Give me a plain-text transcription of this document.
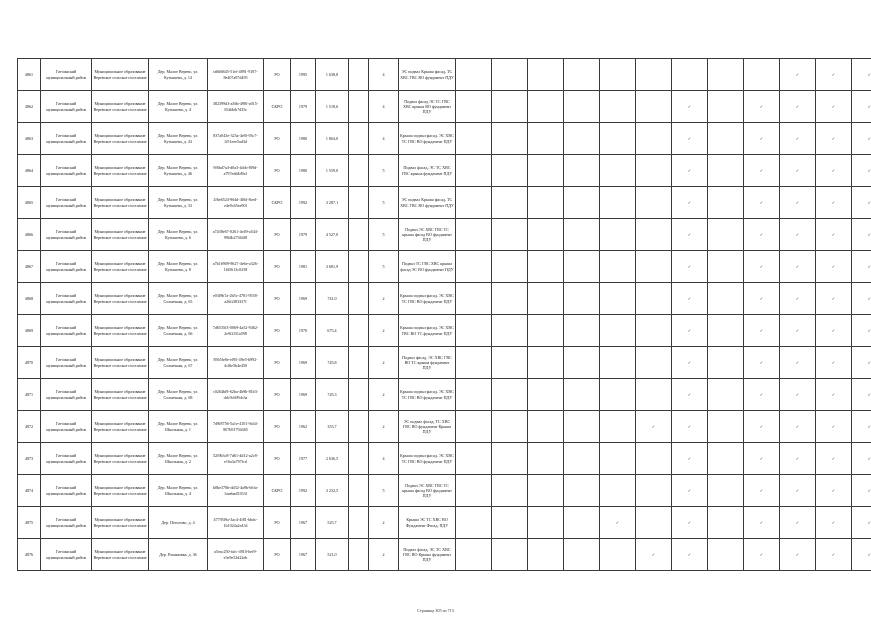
4861	Гатчинский муниципальный район	Муниципальное образование Веревское сельское поселение	Дер. Малое Верево, ул. Кутышева, д. 14	fa8d6845-51ef-4891-9187-8e407a97d495	РО	1995	1 638,8		4	ЭС подвал Крыша фасад, ТС ХВС ГВС ВО фундамент ПДУ										✓	✓	✓
4862	Гатчинский муниципальный район	Муниципальное образование Веревское сельское поселение	Дер. Малое Верево, ул. Кутышева, д. 4	382399d3-a36b-498f-a015-354fdeb7d35c	СКРО	1979	1 518,6		4	Подвал фасад ЭС ТС ГВС ХВС крыша ВО фундамент ПДУ							✓		✓	✓	✓	✓
4863	Гатчинский муниципальный район	Муниципальное образование Веревское сельское поселение	Дер. Малое Верево, ул. Кутышева, д. 43	837a043e-325a-4e8f-93c7-1f51eee5ad3d	РО	1980	1 864,0		4	Крыша подвал фасад, ЭС ХВС ТС ГВС ВО фундамент ПДУ							✓		✓	✓	✓	✓
4864	Гатчинский муниципальный район	Муниципальное образование Веревское сельское поселение	Дер. Малое Верево, ул. Кутышева, д. 46	9f6bd7a4-d0a3-4dcb-8f9d-a797edd4d9a1	РО	1980	1 559,0		5	Подвал фасад, ЭС ТС ХВС ГВС крыша фундамент ПДУ							✓		✓	✓	✓	✓
4865	Гатчинский муниципальный район	Муниципальное образование Веревское сельское поселение	Дер. Малое Верево, ул. Кутышева, д. 33	2f6e6524-964d-4f0d-8ced-e4e9c65ee90f	СКРО	1992	3 287,1		5	ЭС подвал Крыша фасад, ТС ХВС ГВС ВО фундамент ПДУ							✓		✓	✓	✓	✓
4866	Гатчинский муниципальный район	Муниципальное образование Веревское сельское поселение	Дер. Малое Верево, ул. Кутышева, д. 6	a7438e67-0261-4e49-a544-99fdb27364f8	РО	1979	4 527,0		5	Подвал ЭС ХВС ГВС ТС крыша фасад ВО фундамент ПДУ							✓		✓	✓	✓	✓
4867	Гатчинский муниципальный район	Муниципальное образование Веревское сельское поселение	Дер. Малое Верево, ул. Кутышева, д. 8	a7b16909-9627-4e6e-a326-16f5613c0258	РО	1981	3 681,9		5	Подвал ТС ГВС ХВС крыша фасад ЭС ВО фундамент ПДУ							✓		✓	✓	✓	✓
4868	Гатчинский муниципальный район	Муниципальное образование Веревское сельское поселение	Дер. Малое Верево, ул. Солнечная, д. 65	e03f9b7a-2b5c-4781-9538-a26f2f83337f	РО	1969	741,0		2	Крыша подвал фасад, ЭС ХВС ТС ГВС ВО фундамент ПДУ							✓		✓	✓	✓	✓
4869	Гатчинский муниципальный район	Муниципальное образование Веревское сельское поселение	Дер. Малое Верево, ул. Солнечная, д. 66	7d6535f3-0069-4a52-9462-2e9f2f31a598	РО	1970	675,4		2	Крыша подвал фасад, ЭС ХВС ГВС ВО ТС фундамент ПДУ							✓		✓	✓	✓	✓
4870	Гатчинский муниципальный район	Муниципальное образование Веревское сельское поселение	Дер. Малое Верево, ул. Солнечная, д. 67	8565fe8e-ef95-49e5-b992-4cf6e5b4e450	РО	1969	745,8		2	Подвал фасад, ЭС ХВС ГВС ВО ТС крыша фундамент ПДУ							✓		✓	✓	✓	✓
4871	Гатчинский муниципальный район	Муниципальное образование Веревское сельское поселение	Дер. Малое Верево, ул. Солнечная, д. 68	c0264bf9-62ba-4b9b-81b3-ddc9cb99cb3a	РО	1969	745,3		2	Крыша подвал фасад, ЭС ХВС ТС ГВС ВО фундамент ПДУ							✓		✓	✓	✓	✓
4872	Гатчинский муниципальный район	Муниципальное образование Веревское сельское поселение	Дер. Малое Верево, ул. Школьная, д. 1	7d9f8756-5a1e-4101-9a34-807b91794465	РО	1962	353,7		2	ЭС подвал фасад, ТС ХВС ГВС ВО фундамент Крыша ПДУ						✓	✓		✓	✓	✓	✓
4873	Гатчинский муниципальный район	Муниципальное образование Веревское сельское поселение	Дер. Малое Верево, ул. Школьная, д. 2	52f9b3c8-7d61-4d12-a2c8-e16a3a797fcd	РО	1977	2 636,5		4	Крыша подвал фасад, ЭС ХВС ТС ГВС ВО фундамент ПДУ							✓		✓	✓	✓	✓
4874	Гатчинский муниципальный район	Муниципальное образование Веревское сельское поселение	Дер. Малое Верево, ул. Школьная, д. 4	b0be370b-dd32-4a9b-b6fa-1aaebad5353f	СКРО	1992	3 252,5		5	Подвал ЭС ХВС ГВС ТС крыша фасад ВО фундамент ПДУ							✓		✓	✓	✓	✓
4875	Гатчинский муниципальный район	Муниципальное образование Веревское сельское поселение	Дер. Пеголово, д. 4	47795f9a-3ac4-4f81-bbdc-1b1024a2e434	РО	1967	525,7		2	Крыша ЭС ТС ХВС ВО Фундамент Фасад, ПДУ					✓		✓		✓	✓	✓	✓
4876	Гатчинский муниципальный район	Муниципальное образование Веревское сельское поселение	Дер. Романовка, д. 36	a5eac250-fafc-4910-bef9-e5e9e52d22eb	РО	1967	521,0		2	Подвал фасад, ЭС ТС ХВС ГВС ВО Крыша фундамент ПДУ						✓	✓		✓	✓	✓	✓
Страница 305 из 713
